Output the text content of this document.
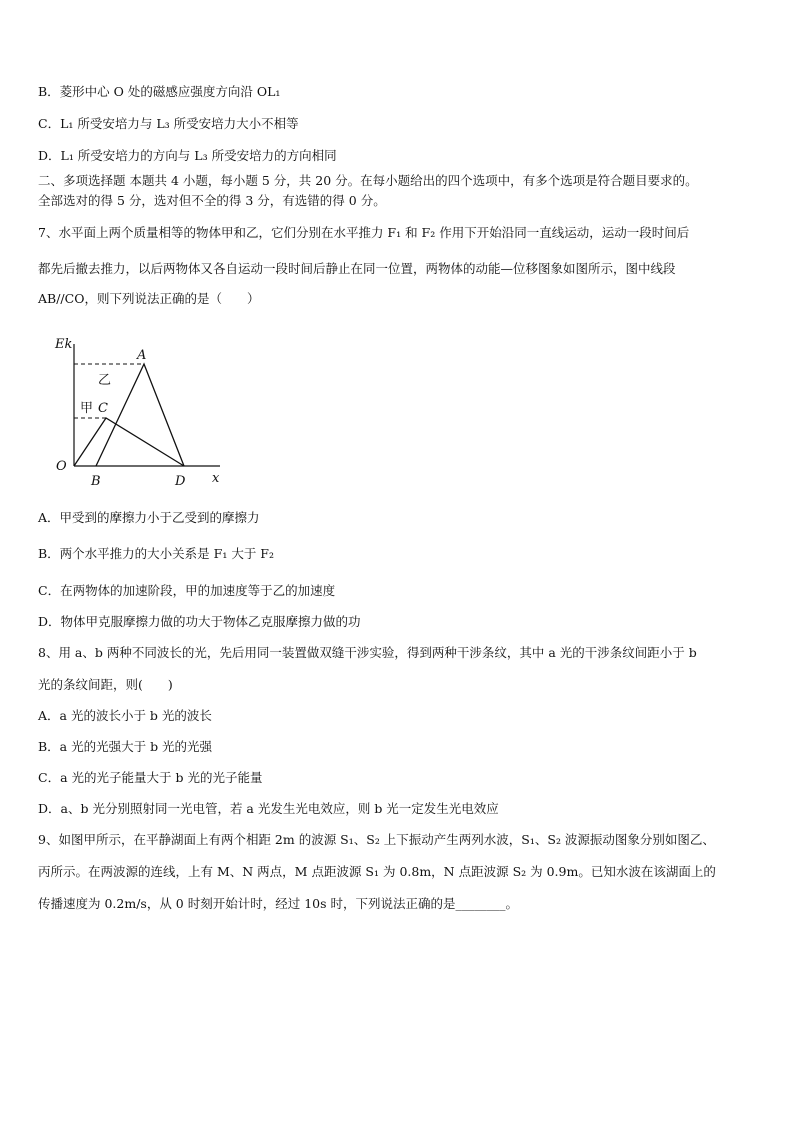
B．菱形中心 O 处的磁感应强度方向沿 OL₁
C．L₁ 所受安培力与 L₃ 所受安培力大小不相等
D．L₁ 所受安培力的方向与 L₃ 所受安培力的方向相同
二、多项选择题 本题共 4 小题，每小题 5 分，共 20 分。在每小题给出的四个选项中，有多个选项是符合题目要求的。
全部选对的得 5 分，选对但不全的得 3 分，有选错的得 0 分。
7、水平面上两个质量相等的物体甲和乙，它们分别在水平推力 F₁ 和 F₂ 作用下开始沿同一直线运动，运动一段时间后
都先后撤去推力，以后两物体又各自运动一段时间后静止在同一位置，两物体的动能—位移图象如图所示，图中线段
AB//CO，则下列说法正确的是（　　）
Ek
x
O
A
B
C
D
乙
甲
A．甲受到的摩擦力小于乙受到的摩擦力
B．两个水平推力的大小关系是 F₁ 大于 F₂
C．在两物体的加速阶段，甲的加速度等于乙的加速度
D．物体甲克服摩擦力做的功大于物体乙克服摩擦力做的功
8、用 a、b 两种不同波长的光，先后用同一装置做双缝干涉实验，得到两种干涉条纹，其中 a 光的干涉条纹间距小于 b
光的条纹间距，则(　　)
A．a 光的波长小于 b 光的波长
B．a 光的光强大于 b 光的光强
C．a 光的光子能量大于 b 光的光子能量
D．a、b 光分别照射同一光电管，若 a 光发生光电效应，则 b 光一定发生光电效应
9、如图甲所示，在平静湖面上有两个相距 2m 的波源 S₁、S₂ 上下振动产生两列水波，S₁、S₂ 波源振动图象分别如图乙、
丙所示。在两波源的连线，上有 M、N 两点，M 点距波源 S₁ 为 0.8m，N 点距波源 S₂ 为 0.9m。已知水波在该湖面上的
传播速度为 0.2m/s，从 0 时刻开始计时，经过 10s 时，下列说法正确的是________。
